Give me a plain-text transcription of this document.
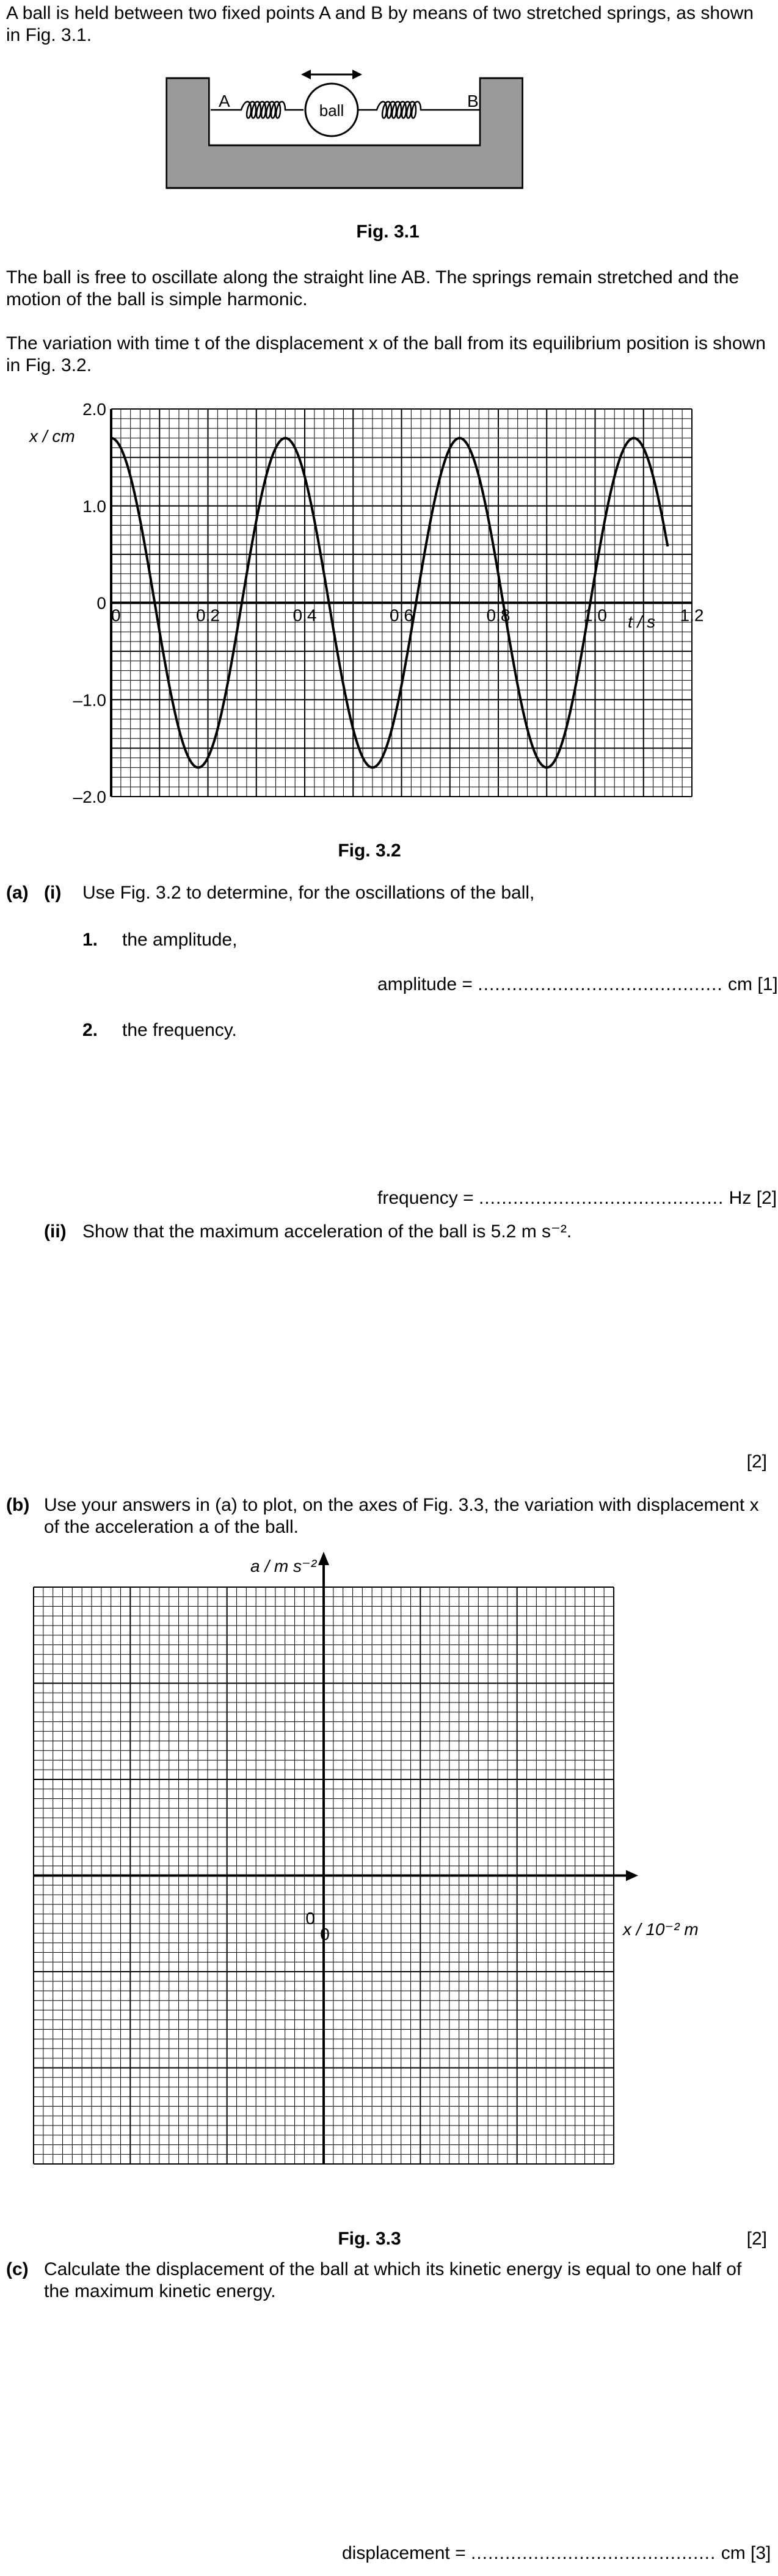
A ball is held between two fixed points A and B by means of two stretched springs, as shown in Fig. 3.1.
ball
A	B
Fig. 3.1
The ball is free to oscillate along the straight line AB. The springs remain stretched and the motion of the ball is simple harmonic.
The variation with time t of the displacement x of the ball from its equilibrium position is shown in Fig. 3.2.
0	0.2	0.4	0.6	0.8	1.0	1.2
2.0
1.0
0
–1.0
–2.0
x / cm
t / s
Fig. 3.2
(a) (i) Use Fig. 3.2 to determine, for the oscillations of the ball,
1. the amplitude,
amplitude = ........................................... cm [1]
2. the frequency.
frequency = ........................................... Hz [2]
(ii) Show that the maximum acceleration of the ball is 5.2 m s⁻².
[2]
(b) Use your answers in (a) to plot, on the axes of Fig. 3.3, the variation with displacement x of the acceleration a of the ball.
a / m s⁻²
x / 10⁻² m
0
0
Fig. 3.3	[2]
(c) Calculate the displacement of the ball at which its kinetic energy is equal to one half of the maximum kinetic energy.
displacement = ........................................... cm [3]
